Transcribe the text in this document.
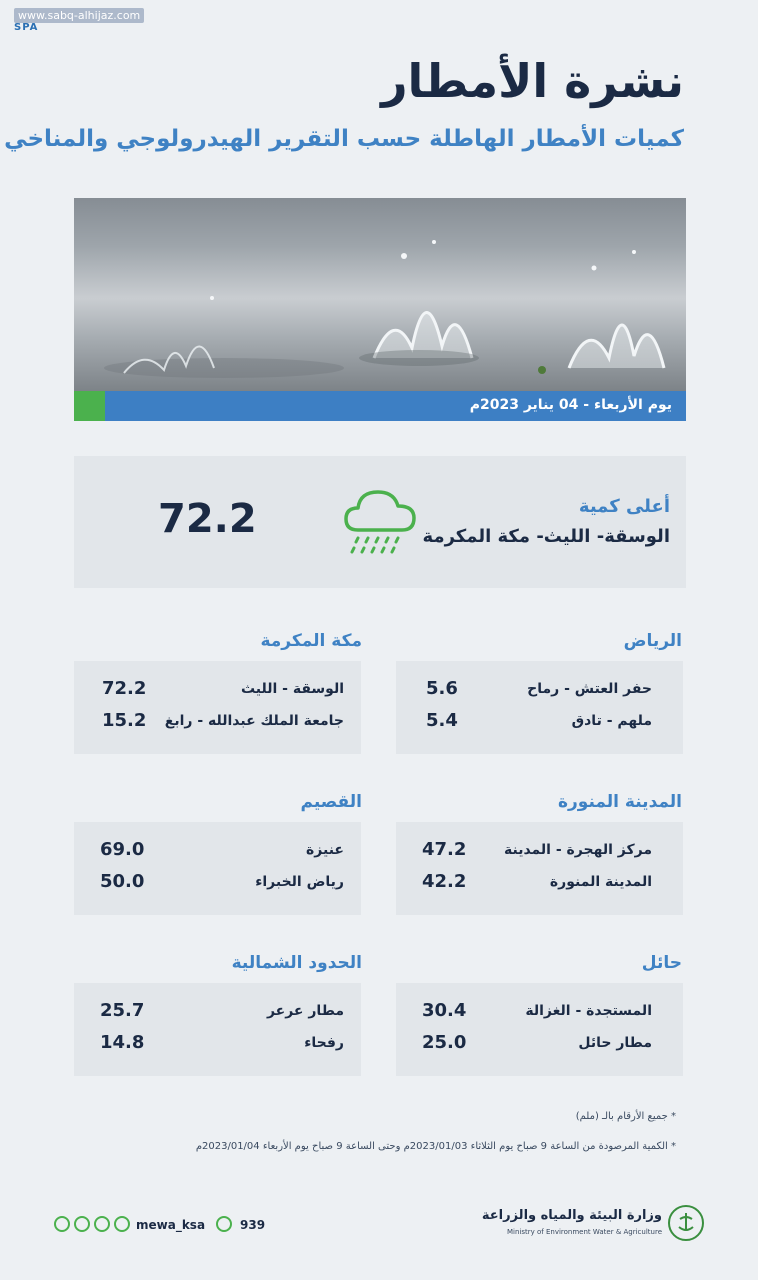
www.sabq-alhijaz.com
SPA
نشرة الأمطار
كميات الأمطار الهاطلة حسب التقرير الهيدرولوجي والمناخي
يوم الأربعاء - 04 يناير 2023م
أعلى كمية
الوسقة- الليث- مكة المكرمة
72.2
الرياض
حفر العتش - رماح
5.6
ملهم - تادق
5.4
مكة المكرمة
الوسقة - الليث
72.2
جامعة الملك عبدالله - رابغ
15.2
المدينة المنورة
مركز الهجرة - المدينة
47.2
المدينة المنورة
42.2
القصيم
عنيزة
69.0
رياض الخبراء
50.0
حائل
المستجدة - الغزالة
30.4
مطار حائل
25.0
الحدود الشمالية
مطار عرعر
25.7
رفحاء
14.8
* جميع الأرقام بالـ (ملم)
* الكمية المرصودة من الساعة 9 صباح يوم الثلاثاء 2023/01/03م وحتى الساعة 9 صباح يوم الأربعاء 2023/01/04م
mewa_ksa	939
وزارة البيئة والمياه والزراعة
Ministry of Environment Water & Agriculture
